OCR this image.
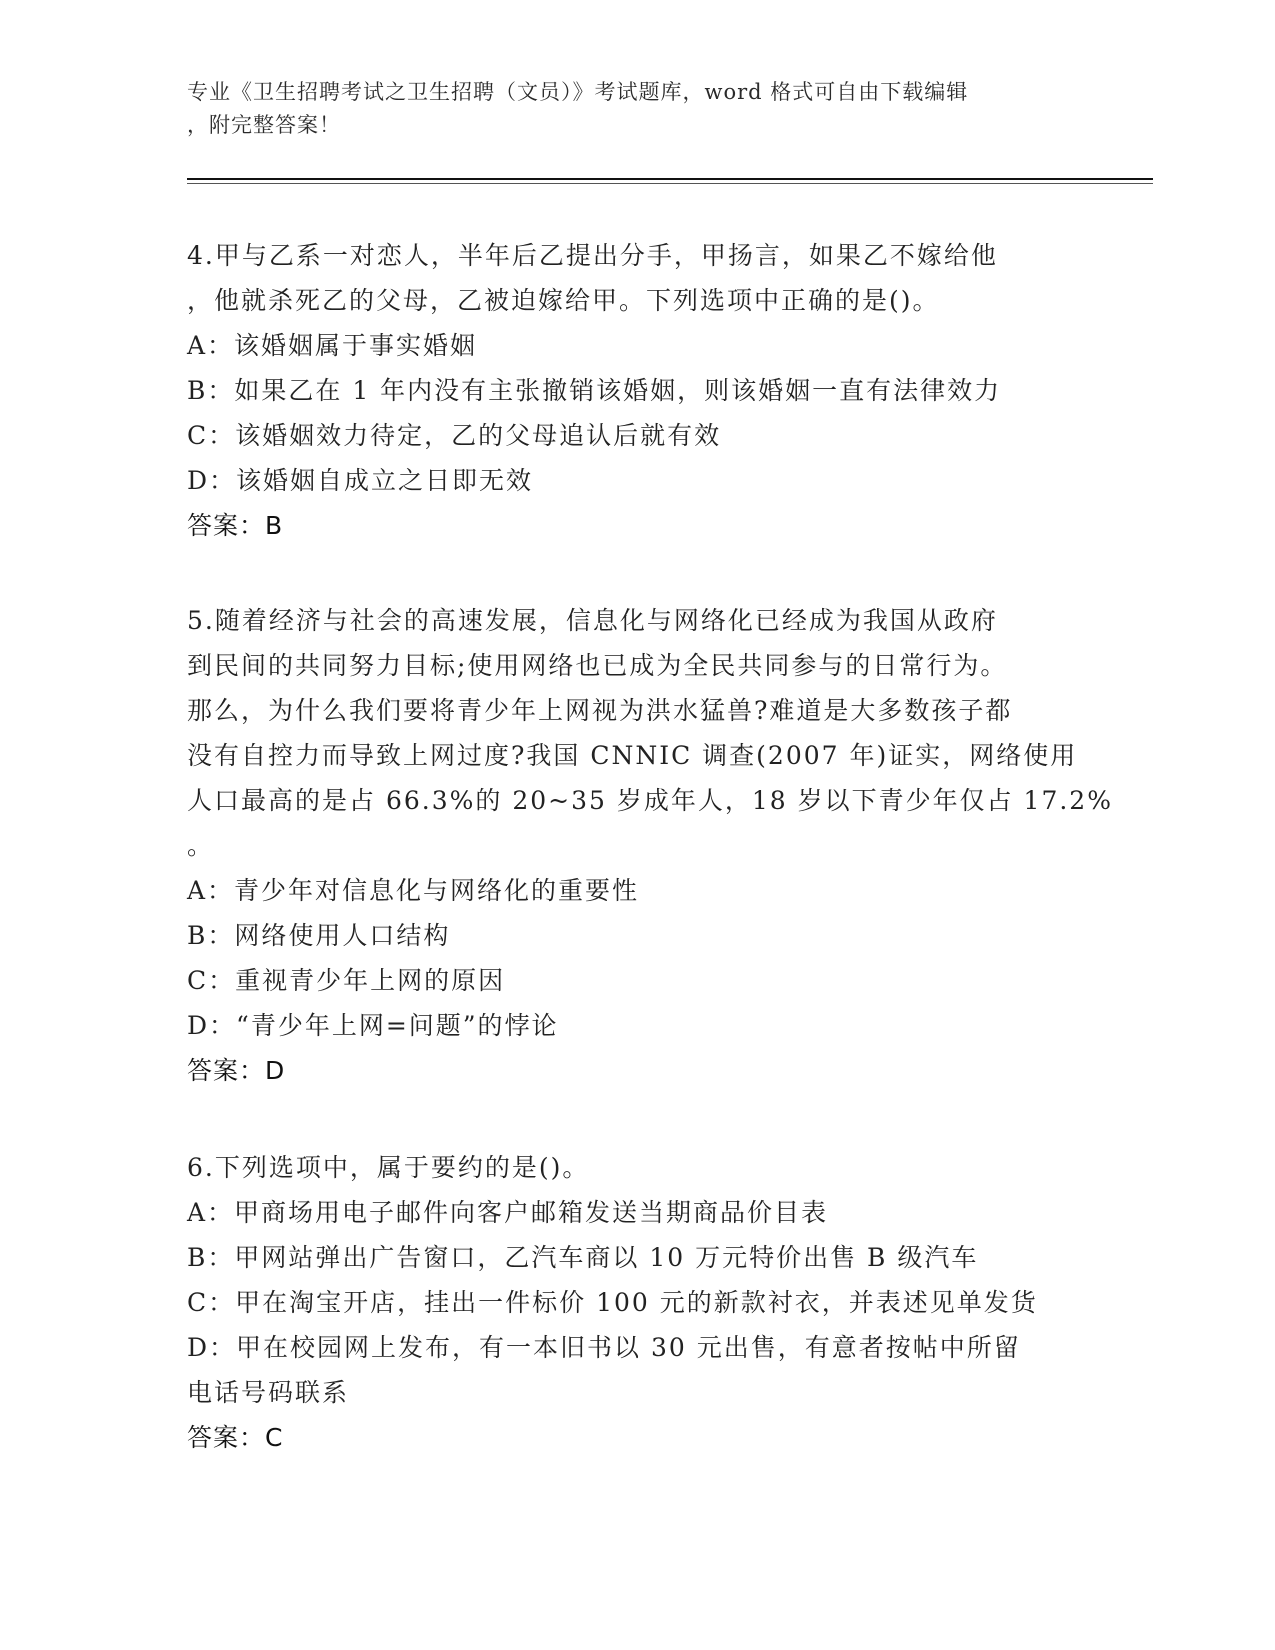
专业《卫生招聘考试之卫生招聘（文员）》考试题库，word 格式可自由下载编辑
，附完整答案！
4.甲与乙系一对恋人，半年后乙提出分手，甲扬言，如果乙不嫁给他
，他就杀死乙的父母，乙被迫嫁给甲。下列选项中正确的是()。
A：该婚姻属于事实婚姻
B：如果乙在 1 年内没有主张撤销该婚姻，则该婚姻一直有法律效力
C：该婚姻效力待定，乙的父母追认后就有效
D：该婚姻自成立之日即无效
答案：B
5.随着经济与社会的高速发展，信息化与网络化已经成为我国从政府
到民间的共同努力目标;使用网络也已成为全民共同参与的日常行为。
那么，为什么我们要将青少年上网视为洪水猛兽?难道是大多数孩子都
没有自控力而导致上网过度?我国 CNNIC 调查(2007 年)证实，网络使用
人口最高的是占 66.3%的 20~35 岁成年人，18 岁以下青少年仅占 17.2%
。
A：青少年对信息化与网络化的重要性
B：网络使用人口结构
C：重视青少年上网的原因
D：“青少年上网=问题”的悖论
答案：D
6.下列选项中，属于要约的是()。
A：甲商场用电子邮件向客户邮箱发送当期商品价目表
B：甲网站弹出广告窗口，乙汽车商以 10 万元特价出售 B 级汽车
C：甲在淘宝开店，挂出一件标价 100 元的新款衬衣，并表述见单发货
D：甲在校园网上发布，有一本旧书以 30 元出售，有意者按帖中所留
电话号码联系
答案：C
